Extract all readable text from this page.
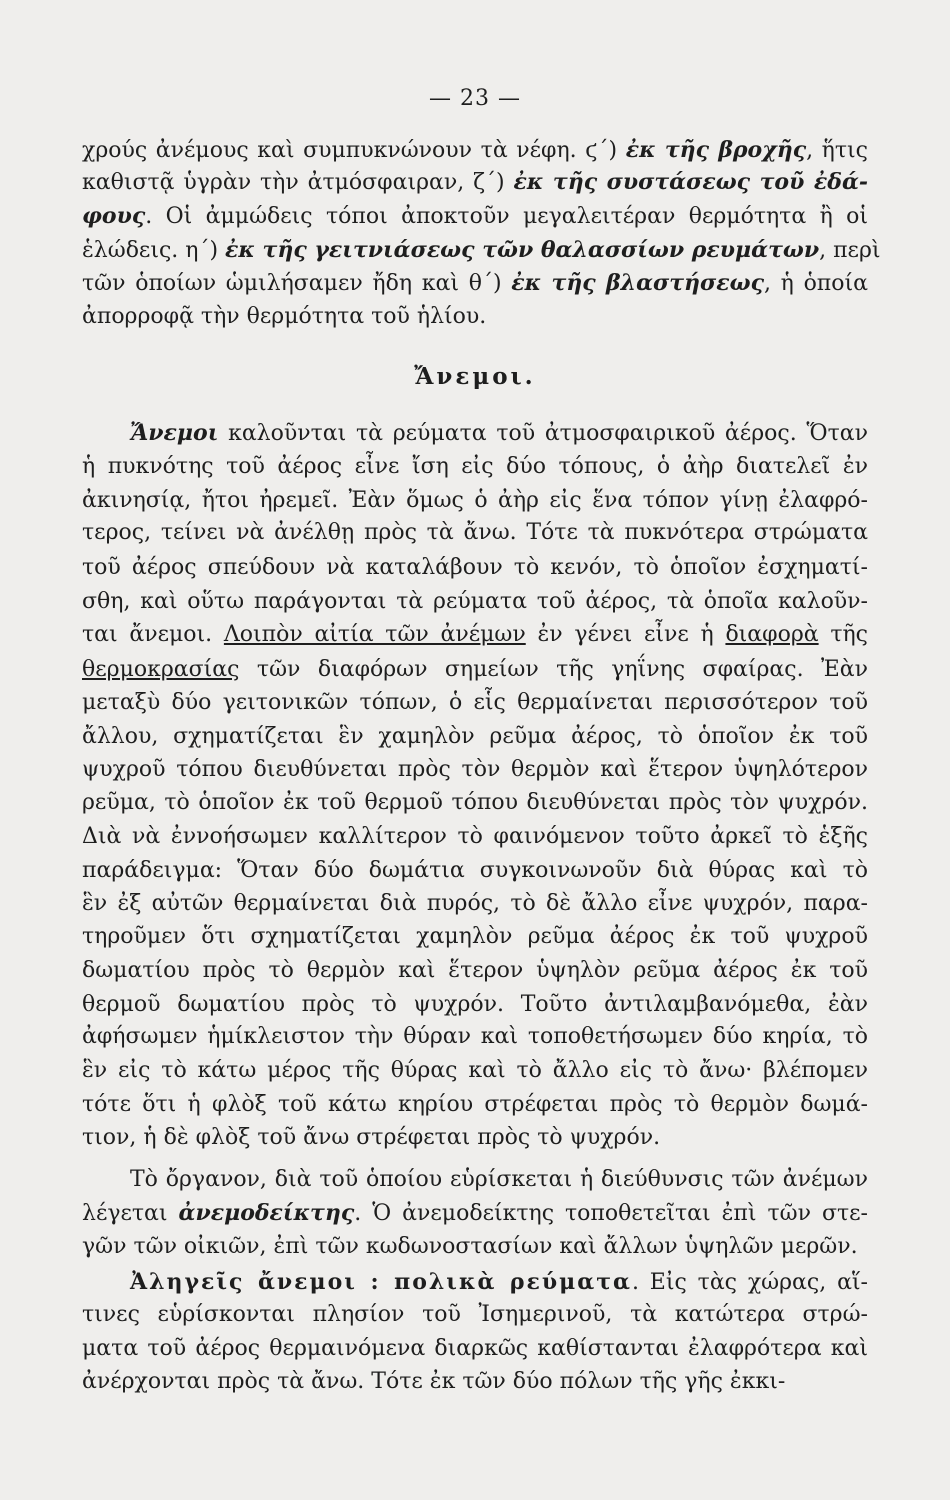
— 23 —
Ἄνεμοι.
χρούς ἀνέμους καὶ συμπυκνώνουν τὰ νέφη. ϛ΄) ἐκ τῆς βροχῆς, ἥτις
καθιστᾷ ὑγρὰν τὴν ἀτμόσφαιραν, ζ΄) ἐκ τῆς συστάσεως τοῦ ἐδά-
φους. Οἱ ἀμμώδεις τόποι ἀποκτοῦν μεγαλειτέραν θερμότητα ἢ οἱ
ἑλώδεις. η΄) ἐκ τῆς γειτνιάσεως τῶν θαλασσίων ρευμάτων, περὶ
τῶν ὁποίων ὡμιλήσαμεν ἤδη καὶ θ΄) ἐκ τῆς βλαστήσεως, ἡ ὁποία
ἀπορροφᾷ τὴν θερμότητα τοῦ ἡλίου.
Ἄνεμοι καλοῦνται τὰ ρεύματα τοῦ ἀτμοσφαιρικοῦ ἀέρος. Ὅταν
ἡ πυκνότης τοῦ ἀέρος εἶνε ἴση εἰς δύο τόπους, ὁ ἀὴρ διατελεῖ ἐν
ἀκινησίᾳ, ἤτοι ἠρεμεῖ. Ἐὰν ὅμως ὁ ἀὴρ εἰς ἕνα τόπον γίνῃ ἐλαφρό-
τερος, τείνει νὰ ἀνέλθῃ πρὸς τὰ ἄνω. Τότε τὰ πυκνότερα στρώματα
τοῦ ἀέρος σπεύδουν νὰ καταλάβουν τὸ κενόν, τὸ ὁποῖον ἐσχηματί-
σθη, καὶ οὕτω παράγονται τὰ ρεύματα τοῦ ἀέρος, τὰ ὁποῖα καλοῦν-
ται ἄνεμοι. Λοιπὸν αἰτία τῶν ἀνέμων ἐν γένει εἶνε ἡ διαφορὰ τῆς
θερμοκρασίας τῶν διαφόρων σημείων τῆς γηΐνης σφαίρας. Ἐὰν
μεταξὺ δύο γειτονικῶν τόπων, ὁ εἷς θερμαίνεται περισσότερον τοῦ
ἄλλου, σχηματίζεται ἓν χαμηλὸν ρεῦμα ἀέρος, τὸ ὁποῖον ἐκ τοῦ
ψυχροῦ τόπου διευθύνεται πρὸς τὸν θερμὸν καὶ ἕτερον ὑψηλότερον
ρεῦμα, τὸ ὁποῖον ἐκ τοῦ θερμοῦ τόπου διευθύνεται πρὸς τὸν ψυχρόν.
Διὰ νὰ ἐννοήσωμεν καλλίτερον τὸ φαινόμενον τοῦτο ἀρκεῖ τὸ ἑξῆς
παράδειγμα: Ὅταν δύο δωμάτια συγκοινωνοῦν διὰ θύρας καὶ τὸ
ἓν ἐξ αὐτῶν θερμαίνεται διὰ πυρός, τὸ δὲ ἄλλο εἶνε ψυχρόν, παρα-
τηροῦμεν ὅτι σχηματίζεται χαμηλὸν ρεῦμα ἀέρος ἐκ τοῦ ψυχροῦ
δωματίου πρὸς τὸ θερμὸν καὶ ἕτερον ὑψηλὸν ρεῦμα ἀέρος ἐκ τοῦ
θερμοῦ δωματίου πρὸς τὸ ψυχρόν. Τοῦτο ἀντιλαμβανόμεθα, ἐὰν
ἀφήσωμεν ἡμίκλειστον τὴν θύραν καὶ τοποθετήσωμεν δύο κηρία, τὸ
ἓν εἰς τὸ κάτω μέρος τῆς θύρας καὶ τὸ ἄλλο εἰς τὸ ἄνω· βλέπομεν
τότε ὅτι ἡ φλὸξ τοῦ κάτω κηρίου στρέφεται πρὸς τὸ θερμὸν δωμά-
τιον, ἡ δὲ φλὸξ τοῦ ἄνω στρέφεται πρὸς τὸ ψυχρόν.
Τὸ ὄργανον, διὰ τοῦ ὁποίου εὑρίσκεται ἡ διεύθυνσις τῶν ἀνέμων
λέγεται ἀνεμοδείκτης. Ὁ ἀνεμοδείκτης τοποθετεῖται ἐπὶ τῶν στε-
γῶν τῶν οἰκιῶν, ἐπὶ τῶν κωδωνοστασίων καὶ ἄλλων ὑψηλῶν μερῶν.
Ἀληγεῖς ἄνεμοι : πολικὰ ρεύματα. Εἰς τὰς χώρας, αἵ-
τινες εὑρίσκονται πλησίον τοῦ Ἰσημερινοῦ, τὰ κατώτερα στρώ-
ματα τοῦ ἀέρος θερμαινόμενα διαρκῶς καθίστανται ἐλαφρότερα καὶ
ἀνέρχονται πρὸς τὰ ἄνω. Τότε ἐκ τῶν δύο πόλων τῆς γῆς ἐκκι-
